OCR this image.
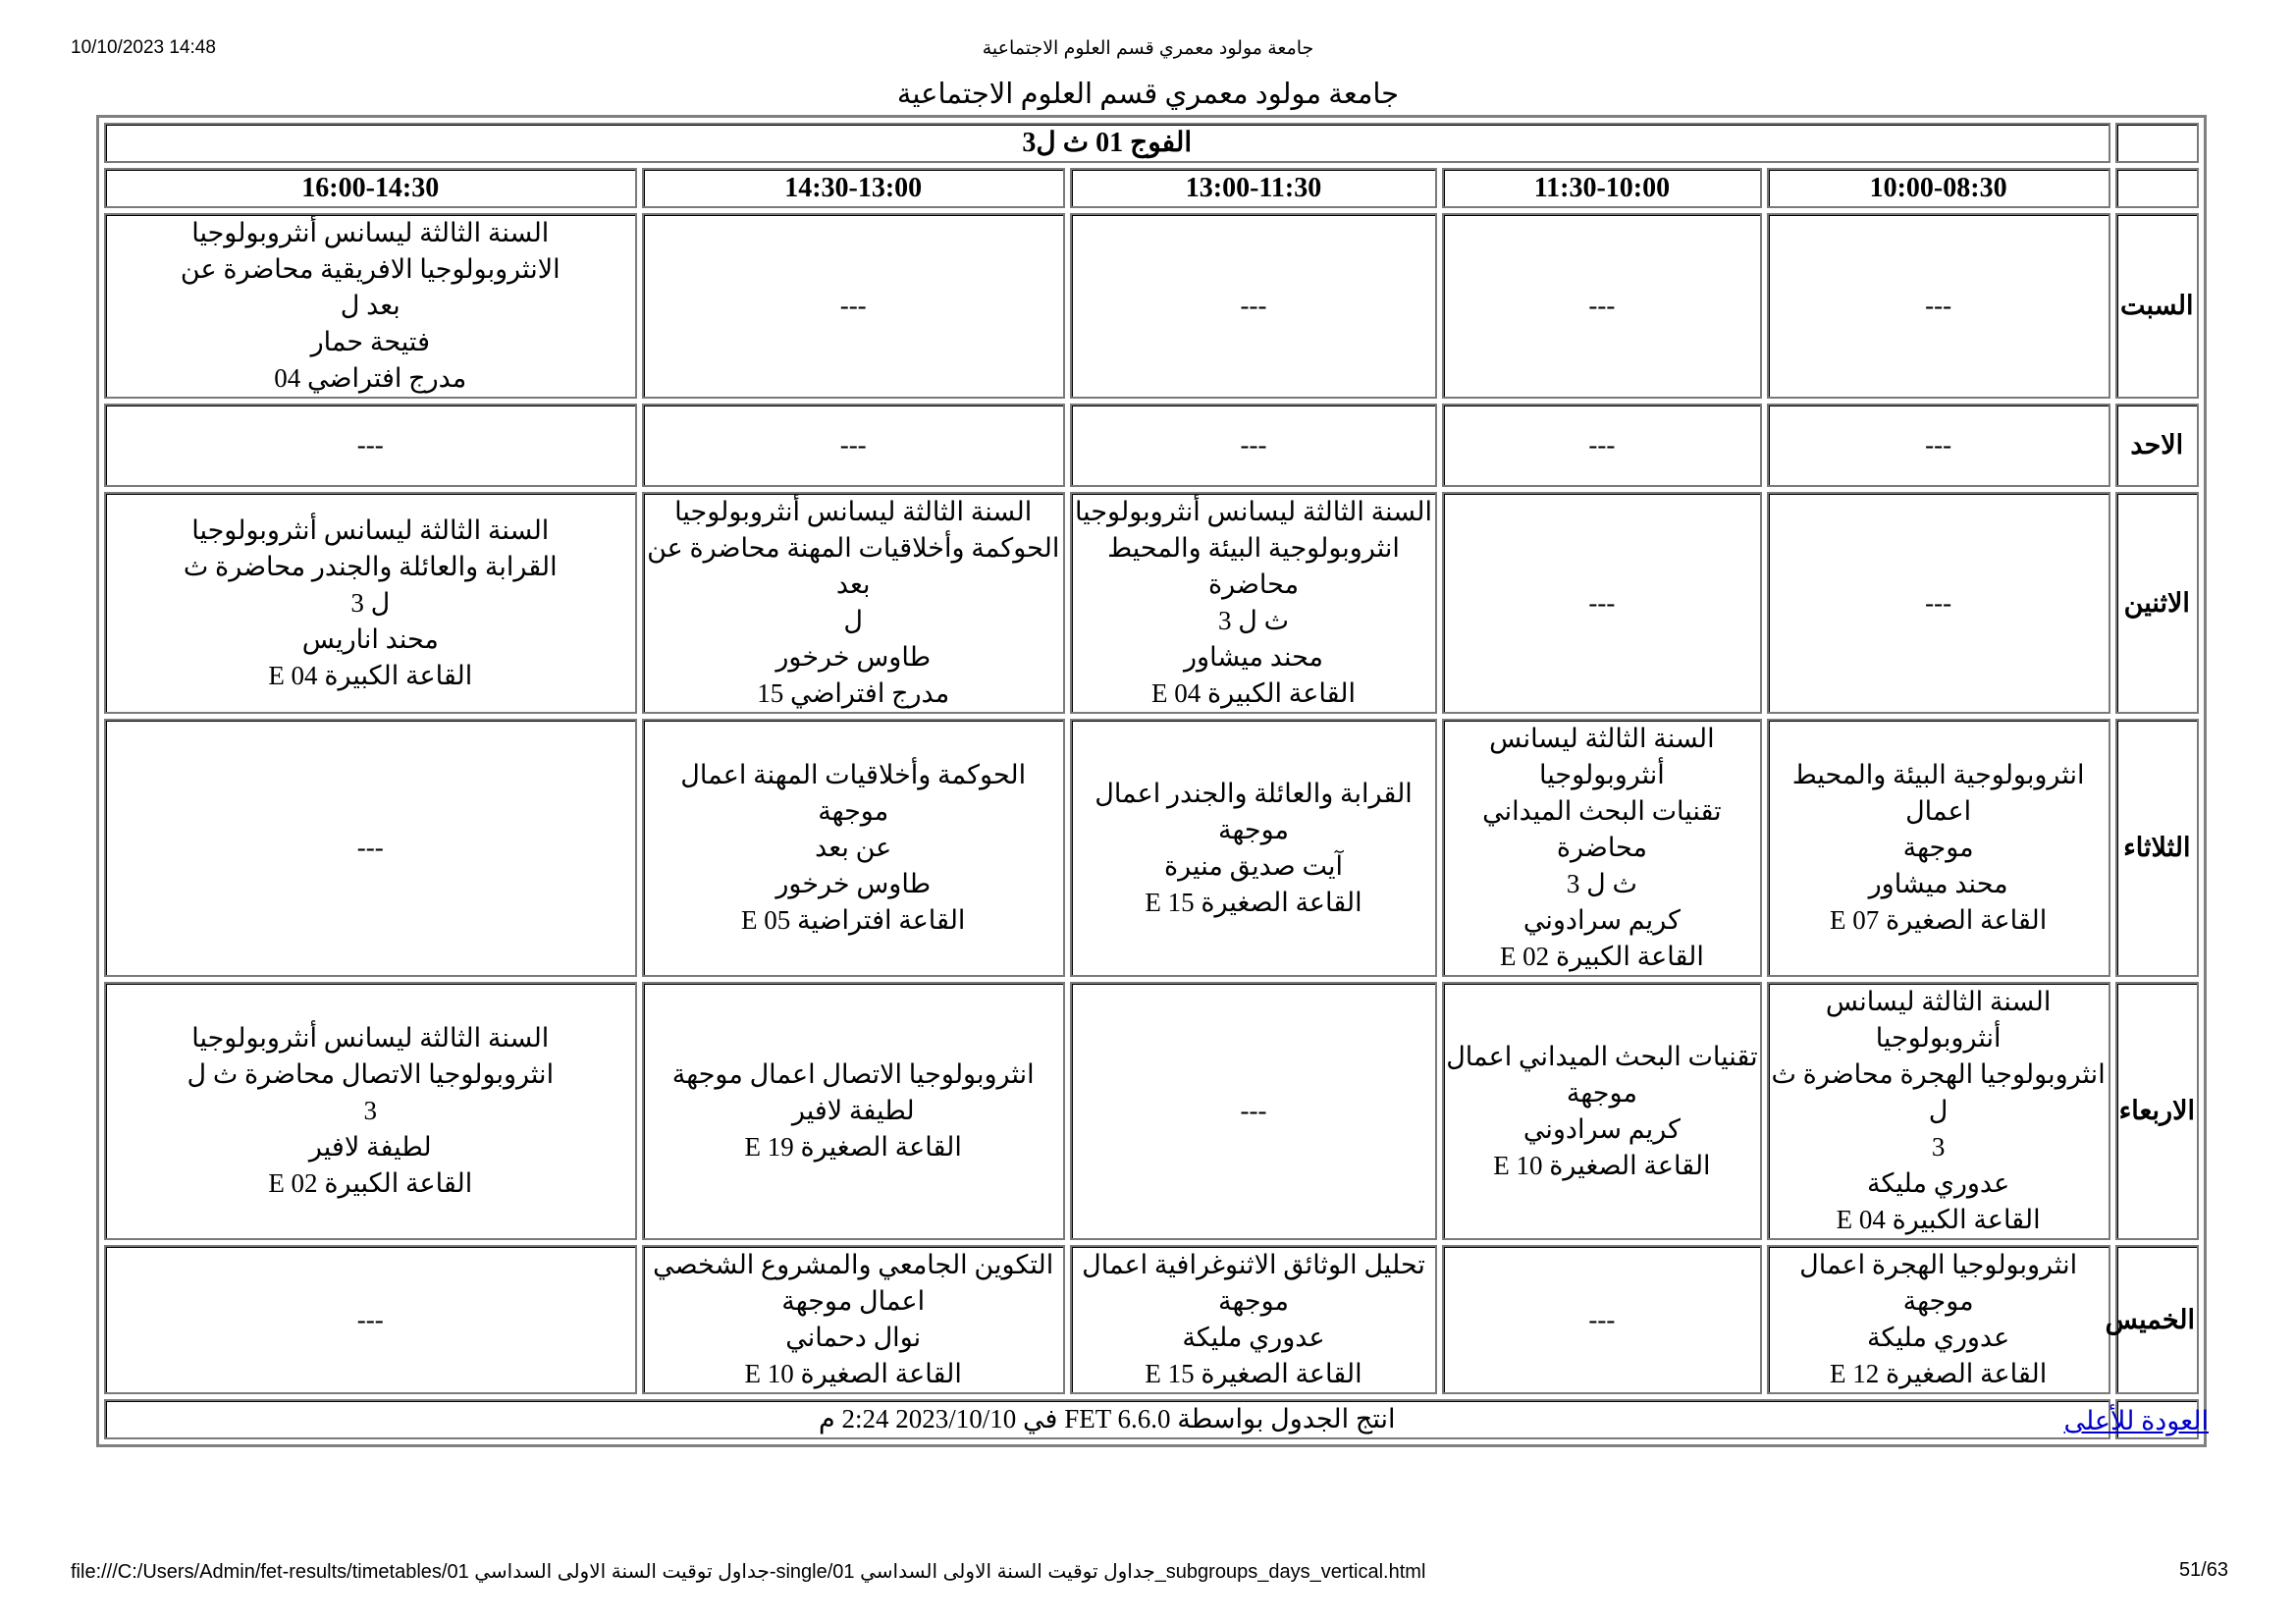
10/10/2023 14:48	جامعة مولود معمري قسم العلوم الاجتماعية
جامعة مولود معمري قسم العلوم الاجتماعية
	الفوج 01 ث ل3				
	10:00-08:30	11:30-10:00	13:00-11:30	14:30-13:00	16:00-14:30
السبت	---	---	---	---	السنة الثالثة ليسانس أنثروبولوجيا
الانثروبولوجيا الافريقية محاضرة عن
بعد ل
فتيحة حمار
مدرج افتراضي 04

الاحد	---	---	---	---	---

الاثنين	---	---	السنة الثالثة ليسانس أنثروبولوجيا
انثروبولوجية البيئة والمحيط محاضرة
ث ل 3
محند ميشاور
القاعة الكبيرة E 04	السنة الثالثة ليسانس أنثروبولوجيا
الحوكمة وأخلاقيات المهنة محاضرة عن بعد
ل
طاوس خرخور
مدرج افتراضي 15	السنة الثالثة ليسانس أنثروبولوجيا
القرابة والعائلة والجندر محاضرة ث
ل 3
محند اناريس
القاعة الكبيرة E 04

الثلاثاء	انثروبولوجية البيئة والمحيط اعمال
موجهة
محند ميشاور
القاعة الصغيرة E 07	السنة الثالثة ليسانس أنثروبولوجيا
تقنيات البحث الميداني محاضرة
ث ل 3
كريم سرادوني
القاعة الكبيرة E 02	القرابة والعائلة والجندر اعمال موجهة
آيت صديق منيرة
القاعة الصغيرة E 15	الحوكمة وأخلاقيات المهنة اعمال موجهة
عن بعد
طاوس خرخور
القاعة افتراضية E 05	---

الاربعاء	السنة الثالثة ليسانس أنثروبولوجيا
انثروبولوجيا الهجرة محاضرة ث ل
3
عدوري مليكة
القاعة الكبيرة E 04	تقنيات البحث الميداني اعمال
موجهة
كريم سرادوني
القاعة الصغيرة E 10	---	انثروبولوجيا الاتصال اعمال موجهة
لطيفة لافير
القاعة الصغيرة E 19	السنة الثالثة ليسانس أنثروبولوجيا
انثروبولوجيا الاتصال محاضرة ث ل
3
لطيفة لافير
القاعة الكبيرة E 02

الخميس	انثروبولوجيا الهجرة اعمال موجهة
عدوري مليكة
القاعة الصغيرة E 12	---	تحليل الوثائق الاثنوغرافية اعمال
موجهة
عدوري مليكة
القاعة الصغيرة E 15	التكوين الجامعي والمشروع الشخصي
اعمال موجهة
نوال دحماني
القاعة الصغيرة E 10	---

	انتج الجدول بواسطة FET 6.6.0 في 2023/10/10 2:24 م					العودة للأعلى
file:///C:/Users/Admin/fet-results/timetables/01 جداول توقيت السنة الاولى السداسي-single/01 جداول توقيت السنة الاولى السداسي_subgroups_days_vertical.html	51/63
